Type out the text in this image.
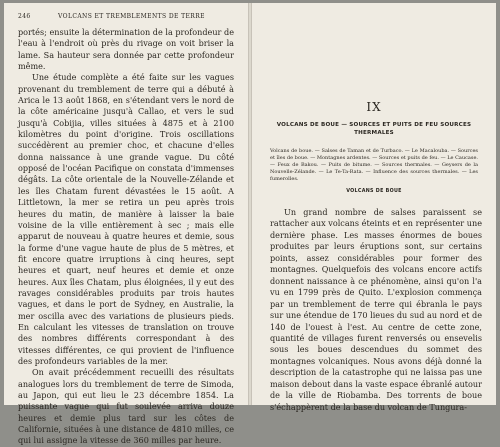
246	VOLCANS ET TREMBLEMENTS DE TERRE

portés; ensuite la détermination de la profondeur de l'eau à l'endroit où près du rivage on voit briser la lame. Sa hauteur sera donnée par cette profondeur même.

Une étude complète a été faite sur les vagues provenant du tremblement de terre qui a débuté à Arica le 13 août 1868, en s'étendant vers le nord de la côte américaine jusqu'à Callao, et vers le sud jusqu'à Cobijia, villes situées à 4875 et à 2100 kilomètres du point d'origine. Trois oscillations succédèrent au premier choc, et chacune d'elles donna naissance à une grande vague. Du côté opposé de l'océan Pacifique on constata d'immenses dégâts. La côte orientale de la Nouvelle-Zélande et les îles Chatam furent dévastées le 15 août. A Littletown, la mer se retira un peu après trois heures du matin, de manière à laisser la baie voisine de la ville entièrement à sec ; mais elle apparut de nouveau à quatre heures et demie, sous la forme d'une vague haute de plus de 5 mètres, et fit encore quatre irruptions à cinq heures, sept heures et quart, neuf heures et demie et onze heures. Aux îles Chatam, plus éloignées, il y eut des ravages considérables produits par trois hautes vagues, et dans le port de Sydney, en Australie, la mer oscilla avec des variations de plusieurs pieds. En calculant les vitesses de translation on trouve des nombres différents correspondant à des vitesses différentes, ce qui provient de l'influence des profondeurs variables de la mer.

On avait précédemment recueilli des résultats analogues lors du tremblement de terre de Simoda, au Japon, qui eut lieu le 23 décembre 1854. La puissante vague qui fut soulevée arriva douze heures et demie plus tard sur les côtes de Californie, situées à une distance de 4810 milles, ce qui lui assigne la vitesse de 360 milles par heure.

IX
VOLCANS DE BOUE — SOURCES ET PUITS DE FEU SOURCES THERMALES
Volcans de boue. — Salses de Taman et de Turbaco. — Le Macalouba. — Sources et îles de boue. — Montagnes ardentes. — Sources et puits de feu. — Le Caucase. — Feux de Bakou. — Puits de bitume. — Sources thermales. — Geysers de la Nouvelle-Zélande. — Le Te-Ta-Rata. — Influence des sources thermales. — Les fumerolles.
VOLCANS DE BOUE

Un grand nombre de salses paraissent se rattacher aux volcans éteints et en représenter une dernière phase. Les masses énormes de boues produites par leurs éruptions sont, sur certains points, assez considérables pour former des montagnes. Quelquefois des volcans encore actifs donnent naissance à ce phénomène, ainsi qu'on l'a vu en 1799 près de Quito. L'explosion commença par un tremblement de terre qui ébranla le pays sur une étendue de 170 lieues du sud au nord et de 140 de l'ouest à l'est. Au centre de cette zone, quantité de villages furent renversés ou ensevelis sous les boues descendues du sommet des montagnes volcaniques. Nous avons déjà donné la description de la catastrophe qui ne laissa pas une maison debout dans la vaste espace ébranlé autour de la ville de Riobamba. Des torrents de boue s'échappèrent de la base du volcan de Tungura-
